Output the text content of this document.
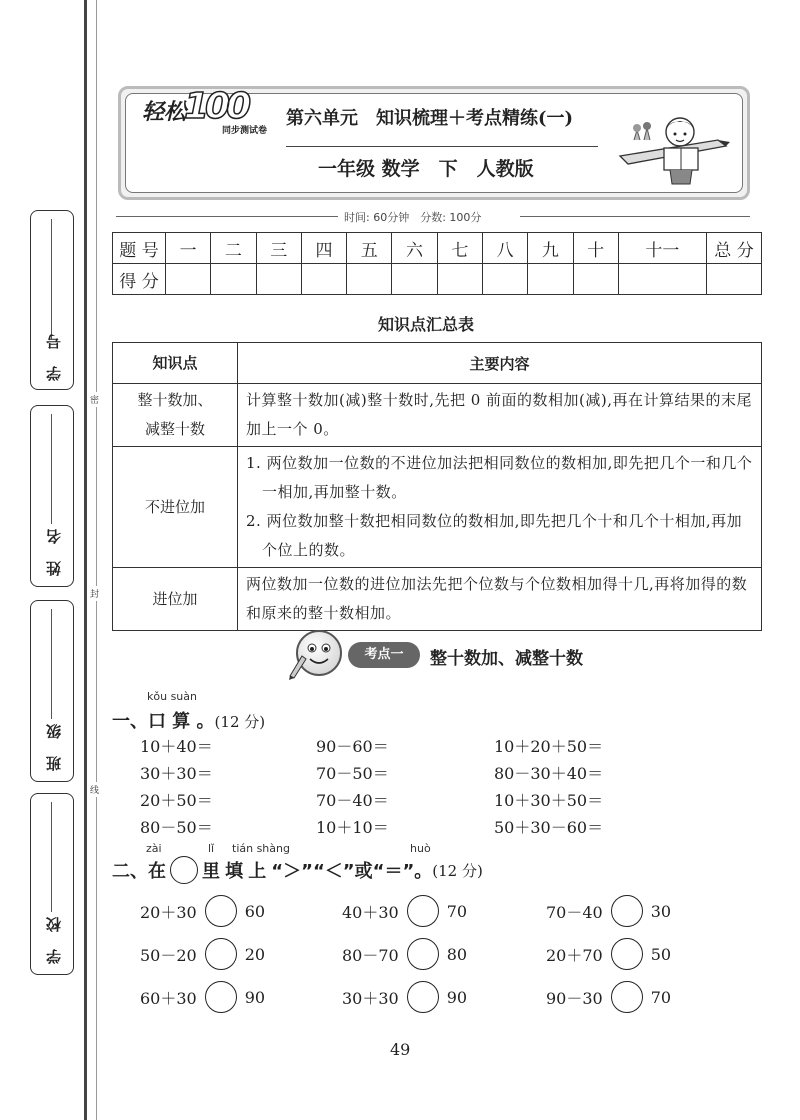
学 号
姓 名
班 级
学 校
密
封
线
轻松
100
同步测试卷
第六单元　知识梳理＋考点精练(一)
一年级 数学　下　人教版
时间: 60分钟　分数: 100分
题 号	一	二	三	四	五	六	七	八	九	十	十一	总 分
得 分												
知识点汇总表
知识点	主要内容

整十数加、
减整十数	计算整十数加(减)整十数时,先把 0 前面的数相加(减),再在计算结果的末尾加上一个 0。
不进位加	1. 两位数加一位数的不进位加法把相同数位的数相加,即先把几个一和几个一相加,再加整十数。
2. 两位数加整十数把相同数位的数相加,即先把几个十和几个十相加,再加个位上的数。

进位加	两位数加一位数的进位加法先把个位数与个位数相加得十几,再将加得的数和原来的整十数相加。
考点一	整十数加、减整十数
kǒu suàn
一、口 算 。(12 分)
10＋40＝	90－60＝	10＋20＋50＝
30＋30＝	70－50＝	80－30＋40＝
20＋50＝	70－40＝	10＋30＋50＝
80－50＝	10＋10＝	50＋30－60＝
zài	lǐ tián shàng	huò
二、 在 里
填
上
“＞”“＜” 或 “＝”。 (12 分)
20＋30	60	40＋30	70	70－40	30
50－20	20	80－70	80	20＋70	50
60＋30	90	30＋30	90	90－30	70
49
